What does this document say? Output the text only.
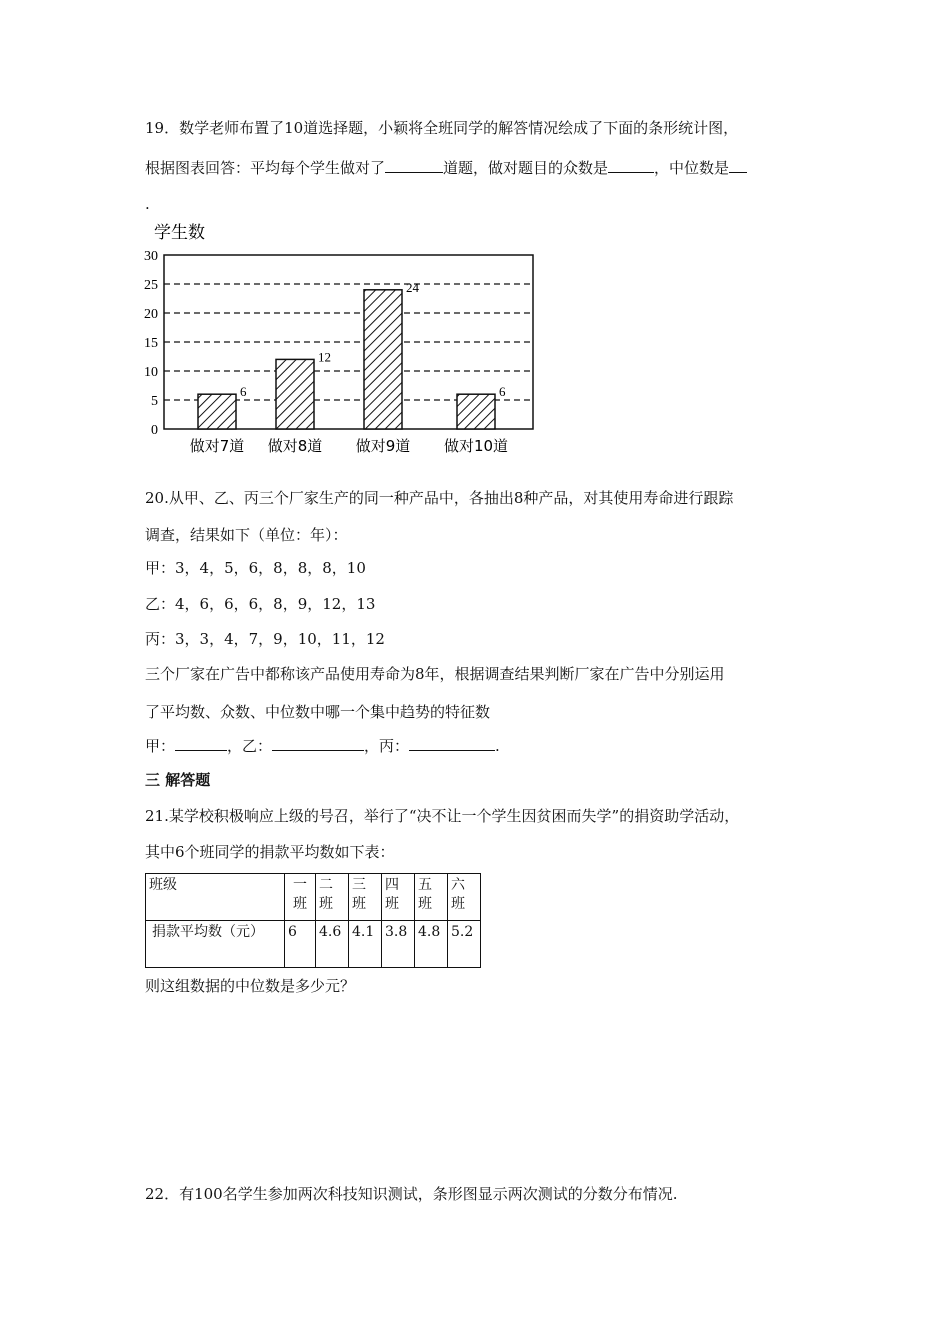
19．数学老师布置了10道选择题，小颖将全班同学的解答情况绘成了下面的条形统计图，
根据图表回答：平均每个学生做对了	道题，做对题目的众数是	，中位数是
.
学生数
0
5
10
15
20
25
30
6
12
24
6
做对7道 做对8道 做对9道 做对10道
20.从甲、乙、丙三个厂家生产的同一种产品中，各抽出8种产品，对其使用寿命进行跟踪
调查，结果如下（单位：年）：
甲：3，4，5，6，8，8，8，10
乙：4，6，6，6，8，9，12，13
丙：3，3，4，7，9，10，11，12
三个厂家在广告中都称该产品使用寿命为8年，根据调查结果判断厂家在广告中分别运用
了平均数、众数、中位数中哪一个集中趋势的特征数
甲：	，乙：	，丙：	.
三 解答题
21.某学校积极响应上级的号召，举行了“决不让一个学生因贫困而失学”的捐资助学活动，
其中6个班同学的捐款平均数如下表：
班级	一班	二班	三班	四班	五班	六班
捐款平均数（元）	6	4.6	4.1	3.8	4.8	5.2
则这组数据的中位数是多少元？
22．有100名学生参加两次科技知识测试，条形图显示两次测试的分数分布情况.
